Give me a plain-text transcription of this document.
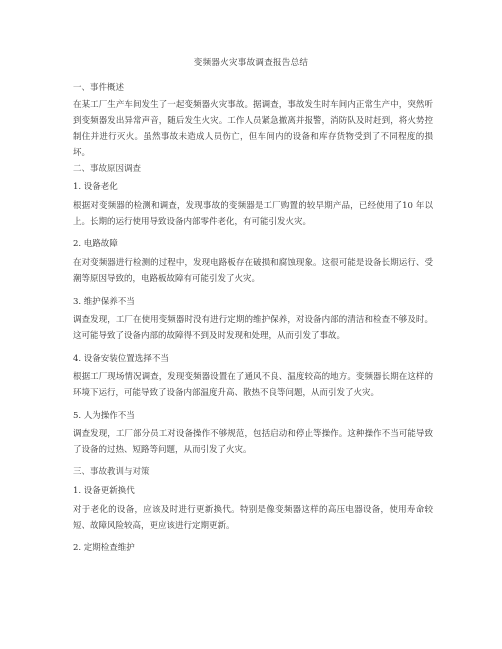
变频器火灾事故调查报告总结
一、事件概述
在某工厂生产车间发生了一起变频器火灾事故。据调查，事故发生时车间内正常生产中，突然听到变频器发出异常声音，随后发生火灾。工作人员紧急撤离并报警，消防队及时赶到，将火势控制住并进行灭火。虽然事故未造成人员伤亡，但车间内的设备和库存货物受到了不同程度的损坏。
二、事故原因调查
1. 设备老化
根据对变频器的检测和调查，发现事故的变频器是工厂购置的较早期产品，已经使用了10 年以上。长期的运行使用导致设备内部零件老化，有可能引发火灾。
2. 电路故障
在对变频器进行检测的过程中，发现电路板存在破损和腐蚀现象。这很可能是设备长期运行、受潮等原因导致的，电路板故障有可能引发了火灾。
3. 维护保养不当
调查发现，工厂在使用变频器时没有进行定期的维护保养，对设备内部的清洁和检查不够及时。这可能导致了设备内部的故障得不到及时发现和处理，从而引发了事故。
4. 设备安装位置选择不当
根据工厂现场情况调查，发现变频器设置在了通风不良、温度较高的地方。变频器长期在这样的环境下运行，可能导致了设备内部温度升高、散热不良等问题，从而引发了火灾。
5. 人为操作不当
调查发现，工厂部分员工对设备操作不够规范，包括启动和停止等操作。这种操作不当可能导致了设备的过热、短路等问题，从而引发了火灾。
三、事故教训与对策
1. 设备更新换代
对于老化的设备，应该及时进行更新换代。特别是像变频器这样的高压电器设备，使用寿命较短、故障风险较高，更应该进行定期更新。
2. 定期检查维护
